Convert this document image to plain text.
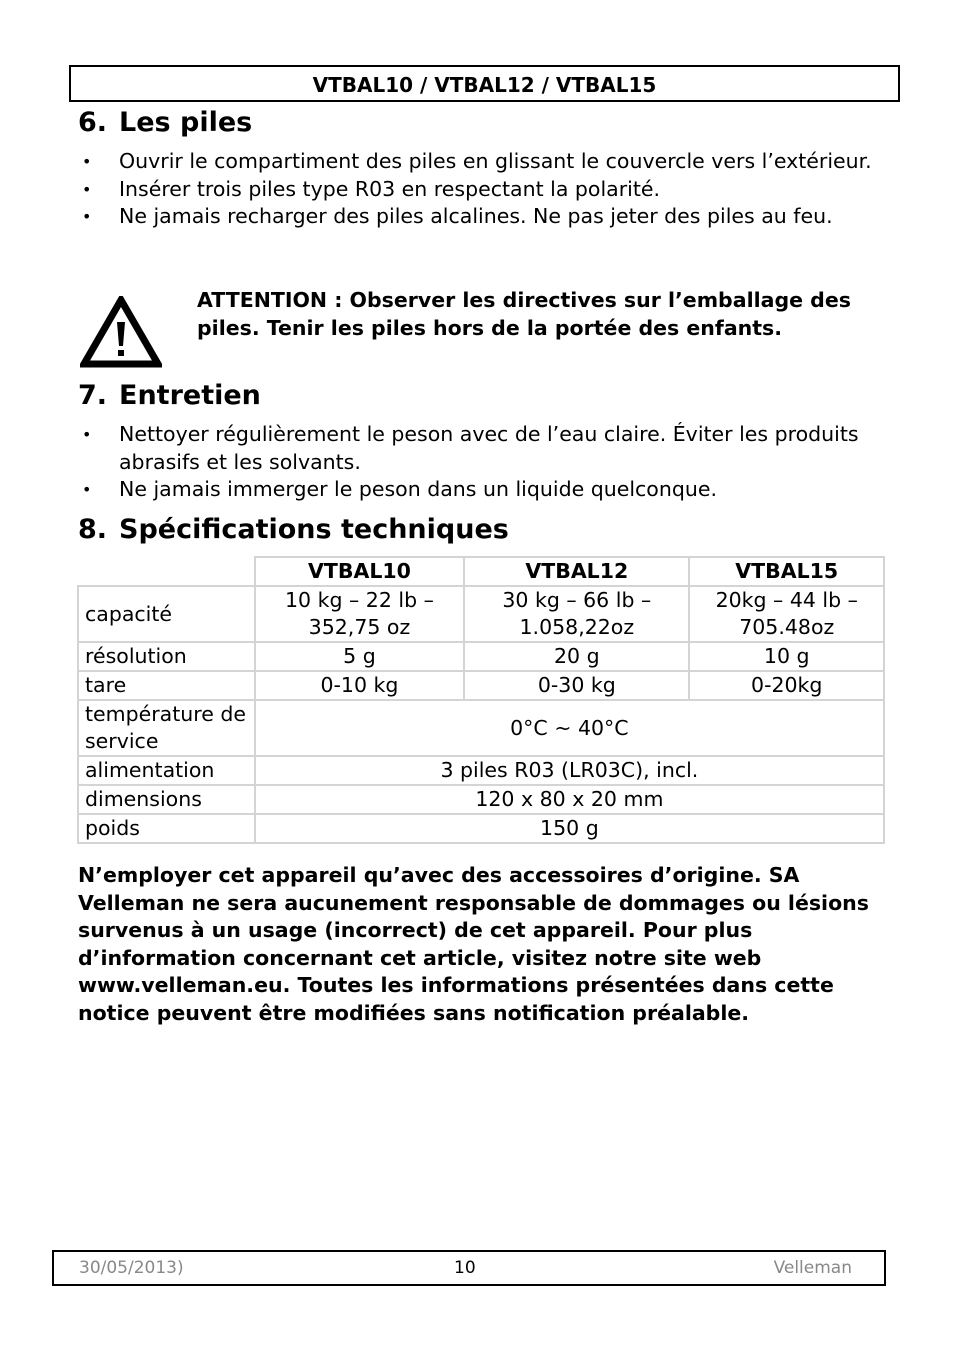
VTBAL10 / VTBAL12 / VTBAL15
6. Les piles
• Ouvrir le compartiment des piles en glissant le couvercle vers l’extérieur.
• Insérer trois piles type R03 en respectant la polarité.
• Ne jamais recharger des piles alcalines. Ne pas jeter des piles au feu.
ATTENTION : Observer les directives sur l’emballage des piles. Tenir les piles hors de la portée des enfants.
7. Entretien
• Nettoyer régulièrement le peson avec de l’eau claire. Éviter les produits abrasifs et les solvants.
• Ne jamais immerger le peson dans un liquide quelconque.
8. Spécifications techniques
	VTBAL10	VTBAL12	VTBAL15
capacité	10 kg – 22 lb – 352,75 oz	30 kg – 66 lb – 1.058,22oz	20kg – 44 lb – 705.48oz
résolution	5 g	20 g	10 g
tare	0-10 kg	0-30 kg	0-20kg
température de service	0°C ~ 40°C		
alimentation	3 piles R03 (LR03C), incl.		
dimensions	120 x 80 x 20 mm		
poids	150 g		
N’employer cet appareil qu’avec des accessoires d’origine. SA Velleman ne sera aucunement responsable de dommages ou lésions survenus à un usage (incorrect) de cet appareil. Pour plus d’information concernant cet article, visitez notre site web www.velleman.eu. Toutes les informations présentées dans cette notice peuvent être modifiées sans notification préalable.
30/05/2013)	10	Velleman
